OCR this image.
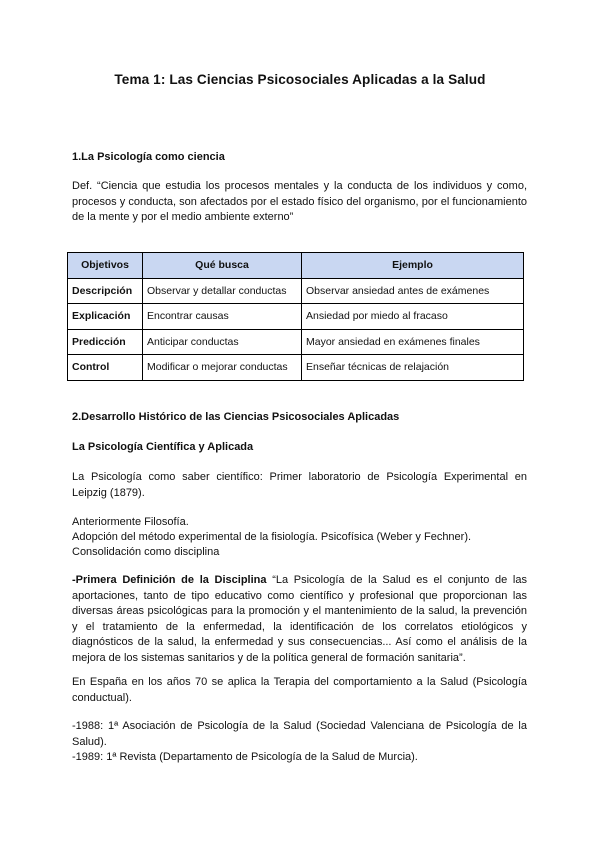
Tema 1: Las Ciencias Psicosociales Aplicadas a la Salud
1.La Psicología como ciencia
Def. “Ciencia que estudia los procesos mentales y la conducta de los individuos y como, procesos y conducta, son afectados por el estado físico del organismo, por el funcionamiento de la mente y por el medio ambiente externo”
Objetivos	Qué busca	Ejemplo
Descripción	Observar y detallar conductas	Observar ansiedad antes de exámenes
Explicación	Encontrar causas	Ansiedad por miedo al fracaso
Predicción	Anticipar conductas	Mayor ansiedad en exámenes finales
Control	Modificar o mejorar conductas	Enseñar técnicas de relajación
2.Desarrollo Histórico de las Ciencias Psicosociales Aplicadas
La Psicología Científica y Aplicada
La Psicología como saber científico: Primer laboratorio de Psicología Experimental en Leipzig (1879).
Anteriormente Filosofía.
Adopción del método experimental de la fisiología. Psicofísica (Weber y Fechner).
Consolidación como disciplina
-Primera Definición de la Disciplina “La Psicología de la Salud es el conjunto de las aportaciones, tanto de tipo educativo como científico y profesional que proporcionan las diversas áreas psicológicas para la promoción y el mantenimiento de la salud, la prevención y el tratamiento de la enfermedad, la identificación de los correlatos etiológicos y diagnósticos de la salud, la enfermedad y sus consecuencias... Así como el análisis de la mejora de los sistemas sanitarios y de la política general de formación sanitaria”.
En España en los años 70 se aplica la Terapia del comportamiento a la Salud (Psicología conductual).
-1988: 1ª Asociación de Psicología de la Salud (Sociedad Valenciana de Psicología de la Salud).
-1989: 1ª Revista (Departamento de Psicología de la Salud de Murcia).
